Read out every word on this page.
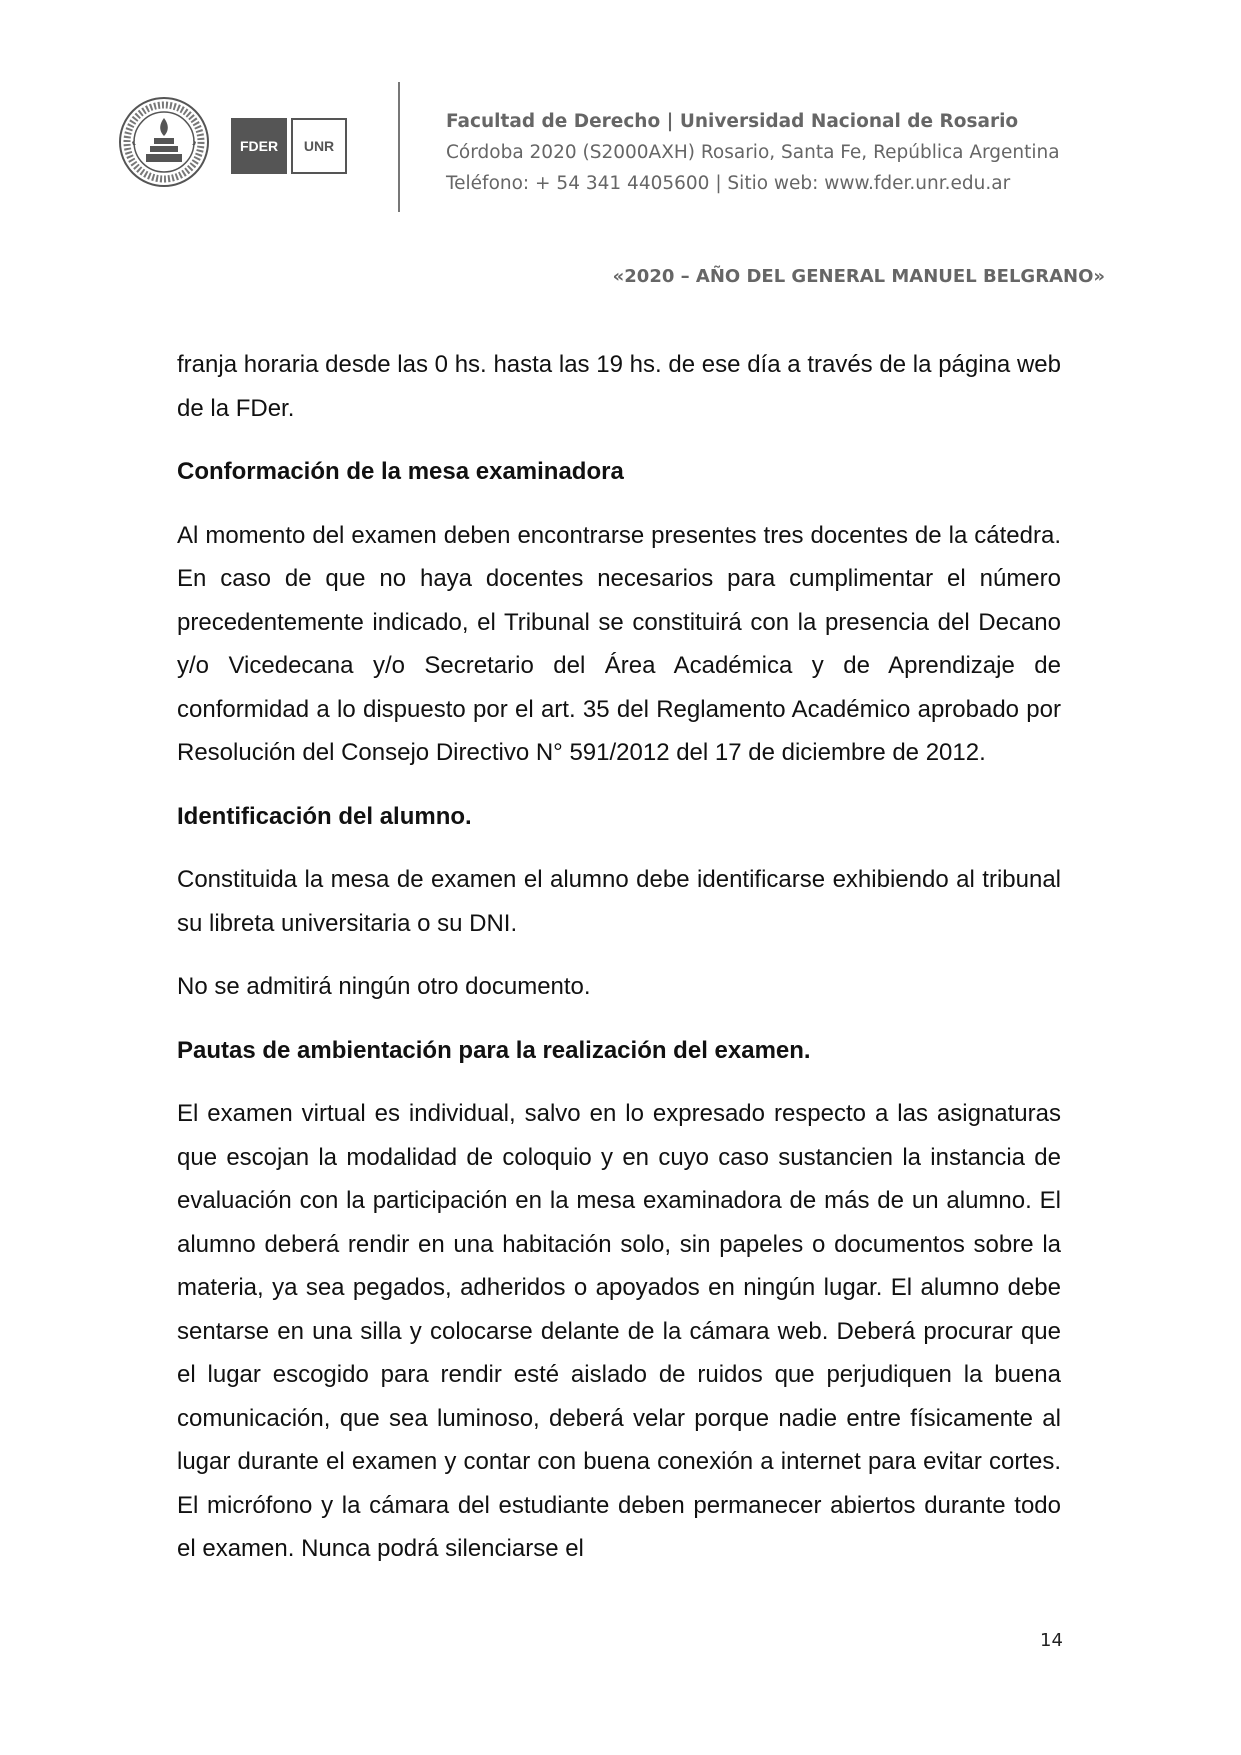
FDER	UNR
Facultad de Derecho | Universidad Nacional de Rosario
Córdoba 2020 (S2000AXH) Rosario, Santa Fe, República Argentina
Teléfono: + 54 341 4405600 | Sitio web: www.fder.unr.edu.ar
«2020 – AÑO DEL GENERAL MANUEL BELGRANO»

franja horaria desde las 0 hs. hasta las 19 hs. de ese día a través de la página web de la FDer.

Conformación de la mesa examinadora

Al momento del examen deben encontrarse presentes tres docentes de la cátedra. En caso de que no haya docentes necesarios para cumplimentar el número precedentemente indicado, el Tribunal se constituirá con la presencia del Decano y/o Vicedecana y/o Secretario del Área Académica y de Aprendizaje de conformidad a lo dispuesto por el art. 35 del Reglamento Académico aprobado por Resolución del Consejo Directivo N° 591/2012 del 17 de diciembre de 2012.

Identificación del alumno.

Constituida la mesa de examen el alumno debe identificarse exhibiendo al tribunal su libreta universitaria o su DNI.

No se admitirá ningún otro documento.

Pautas de ambientación para la realización del examen.

El examen virtual es individual, salvo en lo expresado respecto a las asignaturas que escojan la modalidad de coloquio y en cuyo caso sustancien la instancia de evaluación con la participación en la mesa examinadora de más de un alumno. El alumno deberá rendir en una habitación solo, sin papeles o documentos sobre la materia, ya sea pegados, adheridos o apoyados en ningún lugar. El alumno debe sentarse en una silla y colocarse delante de la cámara web. Deberá procurar que el lugar escogido para rendir esté aislado de ruidos que perjudiquen la buena comunicación, que sea luminoso, deberá velar porque nadie entre físicamente al lugar durante el examen y contar con buena conexión a internet para evitar cortes. El micrófono y la cámara del estudiante deben permanecer abiertos durante todo el examen. Nunca podrá silenciarse el

14
